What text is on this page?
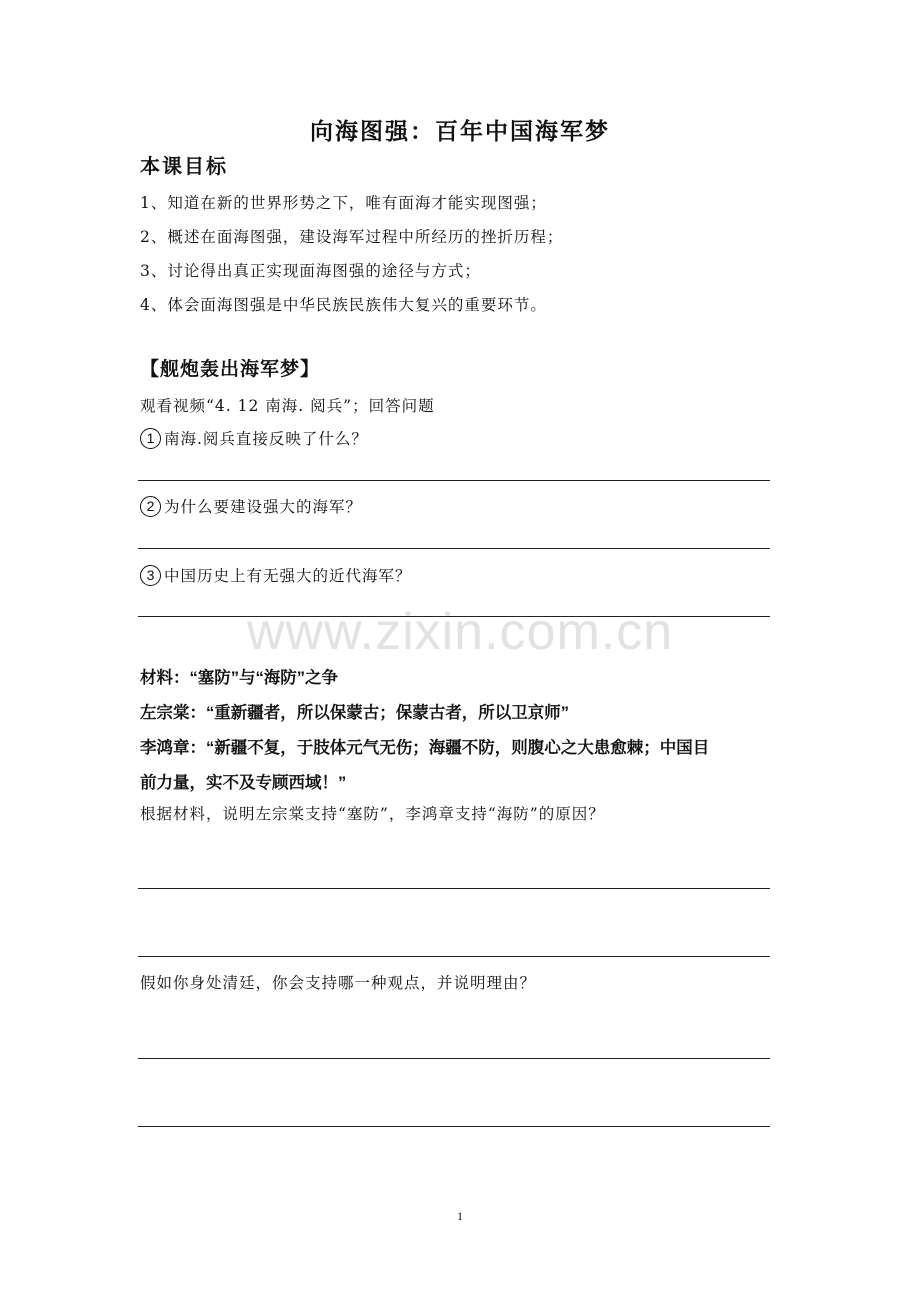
向海图强：百年中国海军梦
本课目标
1、知道在新的世界形势之下，唯有面海才能实现图强；
2、概述在面海图强，建设海军过程中所经历的挫折历程；
3、讨论得出真正实现面海图强的途径与方式；
4、体会面海图强是中华民族民族伟大复兴的重要环节。
【舰炮轰出海军梦】
观看视频“4. 12 南海. 阅兵”；回答问题
1 南海.阅兵直接反映了什么？
2 为什么要建设强大的海军？
3 中国历史上有无强大的近代海军？
www.zixin.com.cn
材料：“塞防”与“海防”之争
左宗棠：“重新疆者，所以保蒙古；保蒙古者，所以卫京师”
李鸿章：“新疆不复，于肢体元气无伤；海疆不防，则腹心之大患愈棘；中国目
前力量，实不及专顾西域！”
根据材料，说明左宗棠支持“塞防”，李鸿章支持“海防”的原因？
假如你身处清廷，你会支持哪一种观点，并说明理由？
1
